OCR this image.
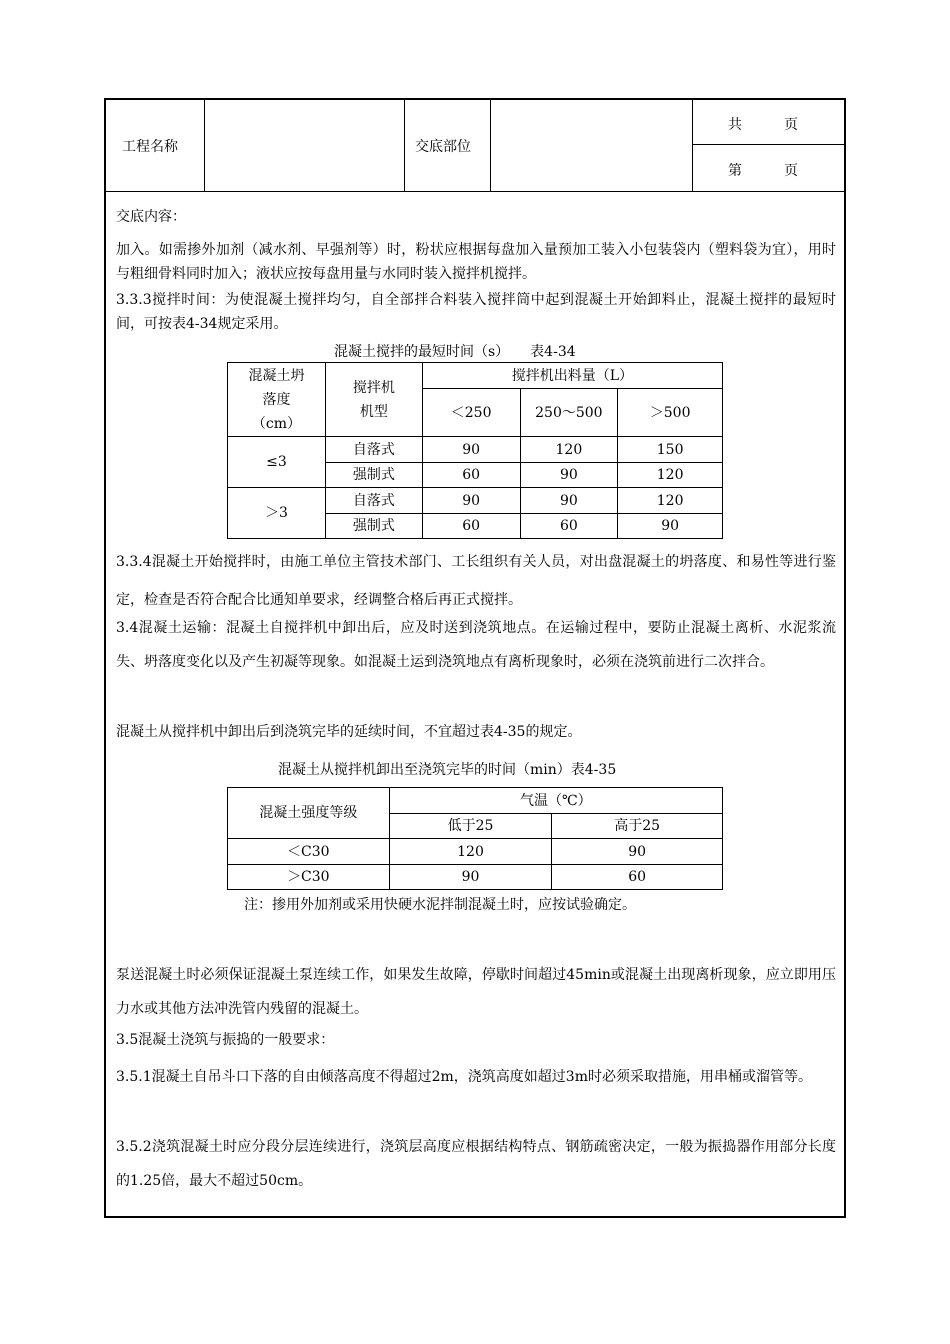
工程名称	交底部位
共　　　页
第　　　页
交底内容：
加入。如需掺外加剂（减水剂、早强剂等）时，粉状应根据每盘加入量预加工装入小包装袋内（塑料袋为宜），用时与粗细骨料同时加入；液状应按每盘用量与水同时装入搅拌机搅拌。
3.3.3搅拌时间：为使混凝土搅拌均匀，自全部拌合料装入搅拌筒中起到混凝土开始卸料止，混凝土搅拌的最短时间，可按表4-34规定采用。
混凝土搅拌的最短时间（s）　　表4-34
混凝土坍落度（cm）	搅拌机机型	搅拌机出料量（L）		
		＜250	250～500	＞500
≤3	自落式	90	120	150
	强制式	60	90	120
＞3	自落式	90	90	120
	强制式	60	60	90
3.3.4混凝土开始搅拌时，由施工单位主管技术部门、工长组织有关人员，对出盘混凝土的坍落度、和易性等进行鉴定，检查是否符合配合比通知单要求，经调整合格后再正式搅拌。
3.4混凝土运输：混凝土自搅拌机中卸出后，应及时送到浇筑地点。在运输过程中，要防止混凝土离析、水泥浆流失、坍落度变化以及产生初凝等现象。如混凝土运到浇筑地点有离析现象时，必须在浇筑前进行二次拌合。
混凝土从搅拌机中卸出后到浇筑完毕的延续时间，不宜超过表4-35的规定。
混凝土从搅拌机卸出至浇筑完毕的时间（min）表4-35
混凝土强度等级	气温（℃）	
	低于25	高于25
＜C30	120	90
＞C30	90	60
注：掺用外加剂或采用快硬水泥拌制混凝土时，应按试验确定。
泵送混凝土时必须保证混凝土泵连续工作，如果发生故障，停歇时间超过45min或混凝土出现离析现象，应立即用压力水或其他方法冲洗管内残留的混凝土。
3.5混凝土浇筑与振捣的一般要求：
3.5.1混凝土自吊斗口下落的自由倾落高度不得超过2m，浇筑高度如超过3m时必须采取措施，用串桶或溜管等。
3.5.2浇筑混凝土时应分段分层连续进行，浇筑层高度应根据结构特点、钢筋疏密决定，一般为振捣器作用部分长度的1.25倍，最大不超过50cm。
